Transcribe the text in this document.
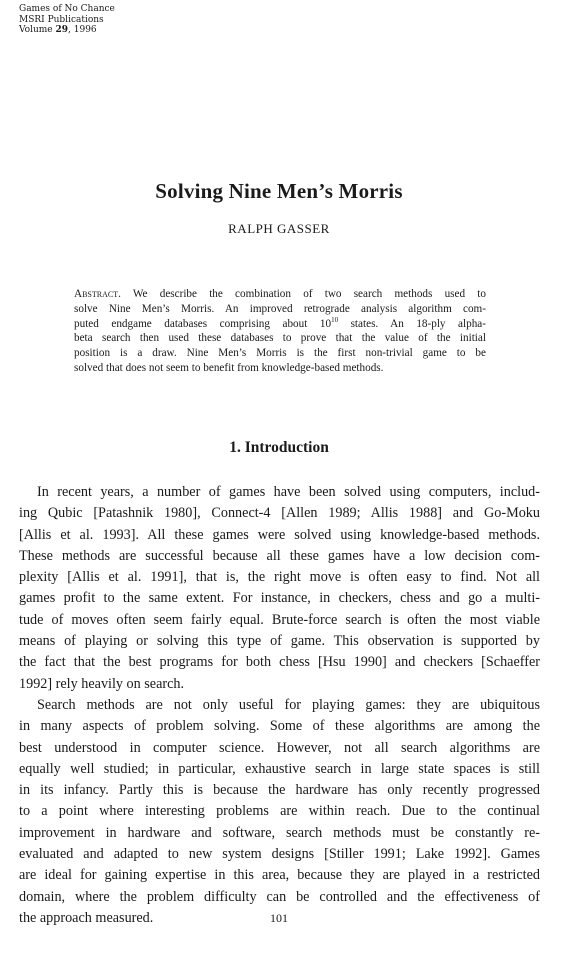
Games of No Chance
MSRI Publications
Volume 29, 1996
Solving Nine Men’s Morris
RALPH GASSER
Abstract. We describe the combination of two search methods used to
solve Nine Men’s Morris. An improved retrograde analysis algorithm com-
puted endgame databases comprising about $10^{10}$ states. An 18-ply alpha-
beta search then used these databases to prove that the value of the initial
position is a draw. Nine Men’s Morris is the first non-trivial game to be
solved that does not seem to benefit from knowledge-based methods.
1. Introduction
In recent years, a number of games have been solved using computers, includ-
ing Qubic [Patashnik 1980], Connect-4 [Allen 1989; Allis 1988] and Go-Moku
[Allis et al. 1993]. All these games were solved using knowledge-based methods.
These methods are successful because all these games have a low decision com-
plexity [Allis et al. 1991], that is, the right move is often easy to find. Not all
games profit to the same extent. For instance, in checkers, chess and go a multi-
tude of moves often seem fairly equal. Brute-force search is often the most viable
means of playing or solving this type of game. This observation is supported by
the fact that the best programs for both chess [Hsu 1990] and checkers [Schaeffer
1992] rely heavily on search.
Search methods are not only useful for playing games: they are ubiquitous
in many aspects of problem solving. Some of these algorithms are among the
best understood in computer science. However, not all search algorithms are
equally well studied; in particular, exhaustive search in large state spaces is still
in its infancy. Partly this is because the hardware has only recently progressed
to a point where interesting problems are within reach. Due to the continual
improvement in hardware and software, search methods must be constantly re-
evaluated and adapted to new system designs [Stiller 1991; Lake 1992]. Games
are ideal for gaining expertise in this area, because they are played in a restricted
domain, where the problem difficulty can be controlled and the effectiveness of
the approach measured.	101
